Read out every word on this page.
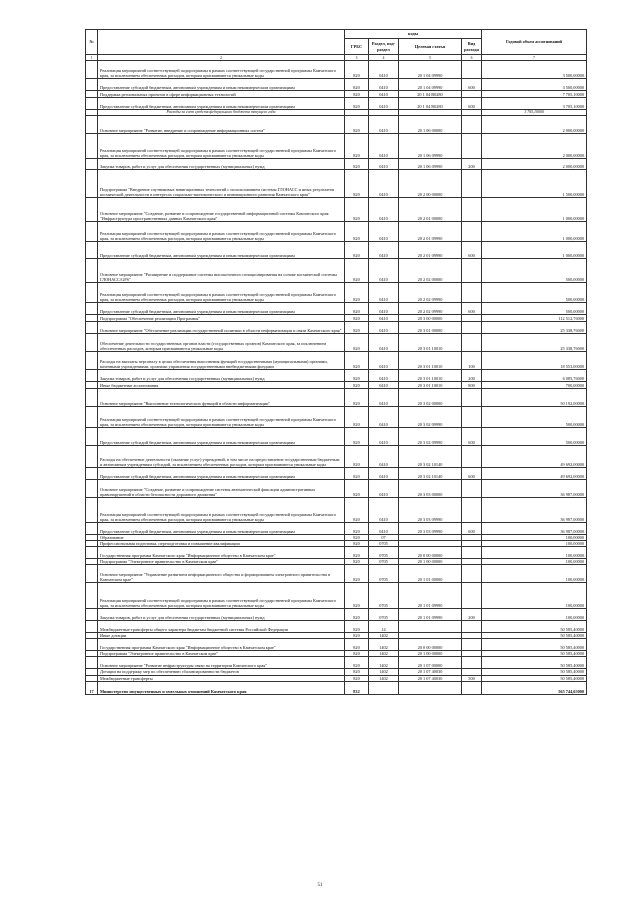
№		коды				Годовой объем ассигнований
		ГРБС	Раздел, под-раздел	Целевая статья	Вид расхода	
1	2	3	4	5	6	7
	Реализация мероприятий соответствующей подпрограммы в рамках соответствующей государственной программы Камчатского края, за исключением обеспеченных расходов, которым присваиваются уникальные коды	820	0410	20 1 04 09990		3 500,00000
	Предоставление субсидий бюджетным, автономным учреждениям и иным некоммерческим организациям	820	0410	20 1 04 09990	600	3 500,00000
	Поддержка региональных проектов в сфере информационных технологий	820	0410	20 1 04 R0280		7 705,10000
	Предоставление субсидий бюджетным, автономным учреждениям и иным некоммерческим организациям	820	0410	20 1 04 R0280	600	3 705,10000
	Расходы за счет средств федерального бюджета текущего года					3 705,10000
	Основное мероприятие "Развитие, внедрение и сопровождение информационных систем"	820	0410	20 1 06 00000		2 000,00000
	Реализация мероприятий соответствующей подпрограммы в рамках соответствующей государственной программы Камчатского края, за исключением обеспеченных расходов, которым присваиваются уникальные коды	820	0410	20 1 06 09990		2 000,00000
	Закупка товаров, работ и услуг для обеспечения государственных (муниципальных) нужд	820	0410	20 1 06 09990	200	2 000,00000
	Подпрограмма "Внедрение спутниковых навигационных технологий с использованием системы ГЛОНАСС и иных результатов космической деятельности в интересах социально-экономического и инновационного развития Камчатского края"	820	0410	20 2 00 00000		1 500,00000
	Основное мероприятие "Создание, развитие и сопровождение государственной информационной системы Камчатского края "Инфраструктура пространственных данных Камчатского края"	820	0410	20 2 01 00000		1 000,00000
	Реализация мероприятий соответствующей подпрограммы в рамках соответствующей государственной программы Камчатского края, за исключением обеспеченных расходов, которым присваиваются уникальные коды	820	0410	20 2 01 09990		1 000,00000
	Предоставление субсидий бюджетным, автономным учреждениям и иным некоммерческим организациям	820	0410	20 2 01 09990	600	1 000,00000
	Основное мероприятие "Расширение и поддержание системы высокоточного позиционирования на основе космической системы ГЛОНАСС/GPS"	820	0410	20 2 02 00000		500,00000
	Реализация мероприятий соответствующей подпрограммы в рамках соответствующей государственной программы Камчатского края, за исключением обеспеченных расходов, которым присваиваются уникальные коды	820	0410	20 2 02 09990		500,00000
	Предоставление субсидий бюджетным, автономным учреждениям и иным некоммерческим организациям	820	0410	20 2 02 09990	600	500,00000
	Подпрограмма "Обеспечение реализации Программы"	820	0410	20 3 00 00000		112 512,76000
	Основное мероприятие "Обеспечение реализации государственной политики в области информатизации и связи Камчатского края"	820	0410	20 3 01 00000		25 338,76000
	Обеспечение деятельности государственных органов власти (государственных органов) Камчатского края, за исключением обеспеченных расходов, которым присваиваются уникальные коды	820	0410	20 3 01 10010		25 338,76000
	Расходы на выплаты персоналу в целях обеспечения выполнения функций государственными (муниципальными) органами, казенными учреждениями, органами управления государственными внебюджетными фондами	820	0410	20 3 01 10010	100	18 553,00000
	Закупка товаров, работ и услуг для обеспечения государственных (муниципальных) нужд	820	0410	20 3 01 10010	200	6 085,76000
	Иные бюджетные ассигнования	820	0410	20 3 01 10010	800	700,00000
	Основное мероприятие "Выполнение технологических функций в области информатизации"	820	0410	20 3 02 00000		50 192,00000
	Реализация мероприятий соответствующей подпрограммы в рамках соответствующей государственной программы Камчатского края, за исключением обеспеченных расходов, которым присваиваются уникальные коды	820	0410	20 3 02 09990		500,00000
	Предоставление субсидий бюджетным, автономным учреждениям и иным некоммерческим организациям	820	0410	20 3 02 09990	600	500,00000
	Расходы на обеспечение деятельности (оказание услуг) учреждений, в том числе на предоставление государственным бюджетным и автономным учреждениям субсидий, за исключением обеспеченных расходов, которым присваиваются уникальные коды	820	0410	20 3 02 10140		49 692,00000
	Предоставление субсидий бюджетным, автономным учреждениям и иным некоммерческим организациям	820	0410	20 3 02 10140	600	49 692,00000
	Основное мероприятие "Создание, развитие и сопровождение системы автоматической фиксации административных правонарушений в области безопасности дорожного движения"	820	0410	20 3 03 00000		36 987,00000
	Реализация мероприятий соответствующей подпрограммы в рамках соответствующей государственной программы Камчатского края, за исключением обеспеченных расходов, которым присваиваются уникальные коды	820	0410	20 3 03 09990		36 987,00000
	Предоставление субсидий бюджетным, автономным учреждениям и иным некоммерческим организациям	820	0410	20 3 03 09990	600	36 987,00000
	Образование	820	07			100,00000
	Профессиональная подготовка, переподготовка и повышение квалификации	820	0705			100,00000
	Государственная программа Камчатского края "Информационное общество в Камчатском крае"	820	0705	20 0 00 00000		100,00000
	Подпрограмма "Электронное правительство в Камчатском крае"	820	0705	20 1 00 00000		100,00000
	Основное мероприятие "Управление развитием информационного общества и формированием электронного правительства в Камчатском крае"	820	0705	20 1 01 00000		100,00000
	Реализация мероприятий соответствующей подпрограммы в рамках соответствующей государственной программы Камчатского края, за исключением обеспеченных расходов, которым присваиваются уникальные коды	820	0705	20 1 01 09990		100,00000
	Закупка товаров, работ и услуг для обеспечения государственных (муниципальных) нужд	820	0705	20 1 01 09990	200	100,00000
	Межбюджетные трансферты общего характера бюджетам бюджетной системы Российской Федерации	820	14			50 585,40000
	Иные дотации	820	1402			50 585,40000
	Государственная программа Камчатского края "Информационное общество в Камчатском крае"	820	1402	20 0 00 00000		50 585,40000
	Подпрограмма "Электронное правительство в Камчатском крае"	820	1402	20 1 00 00000		50 585,40000
	Основное мероприятие "Развитие инфраструктуры связи на территории Камчатского края"	820	1402	20 1 07 00000		50 585,40000
	Дотации на поддержку мер по обеспечению сбалансированности бюджетов	820	1402	20 1 07 40030		50 585,40000
	Межбюджетные трансферты	820	1402	20 1 07 40030	500	50 585,40000
17	Министерство имущественных и земельных отношений Камчатского края	832				565 744,65000
51
